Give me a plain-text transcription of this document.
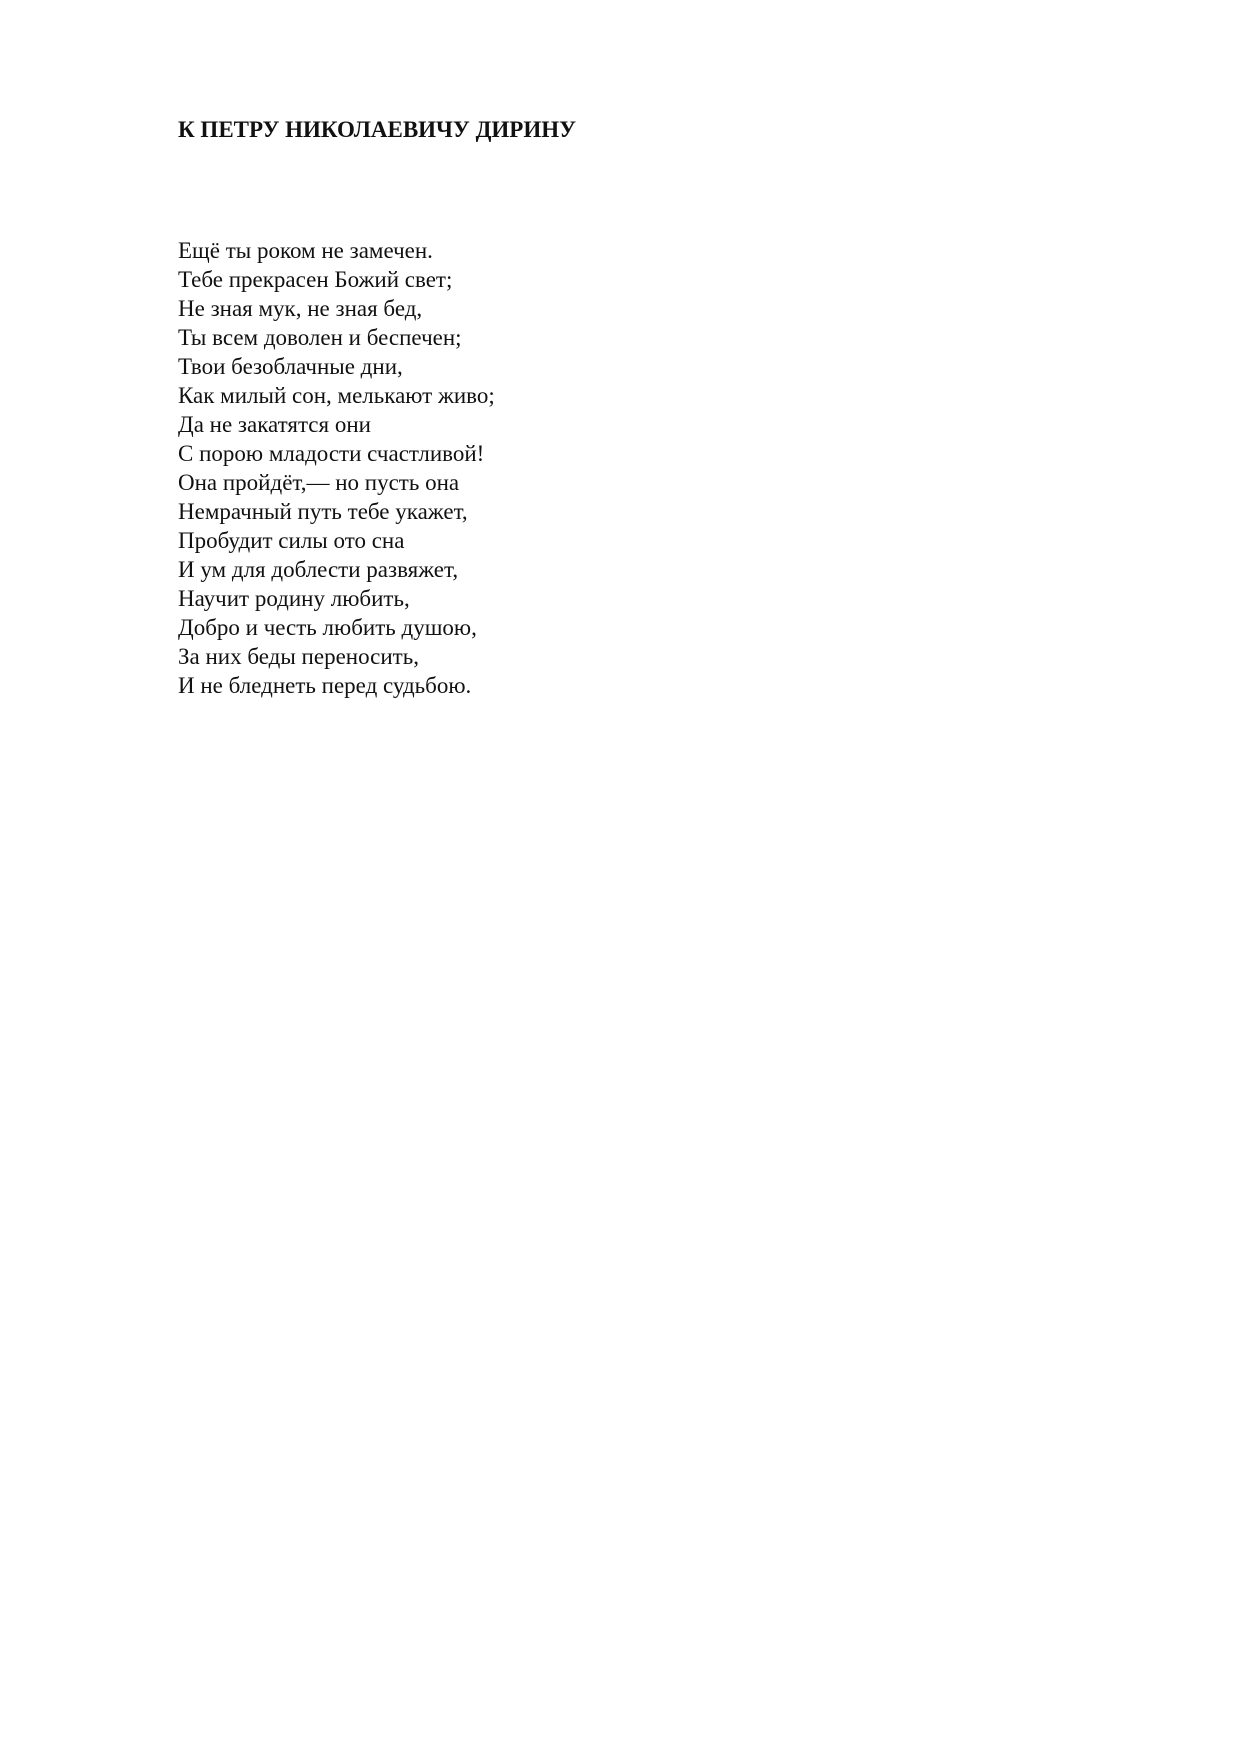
К ПЕТРУ НИКОЛАЕВИЧУ ДИРИНУ
Ещё ты роком не замечен.
Тебе прекрасен Божий свет;
Не зная мук, не зная бед,
Ты всем доволен и беспечен;
Твои безоблачные дни,
Как милый сон, мелькают живо;
Да не закатятся они
С порою младости счастливой!
Она пройдёт,— но пусть она
Немрачный путь тебе укажет,
Пробудит силы ото сна
И ум для доблести развяжет,
Научит родину любить,
Добро и честь любить душою,
За них беды переносить,
И не бледнеть перед судьбою.
